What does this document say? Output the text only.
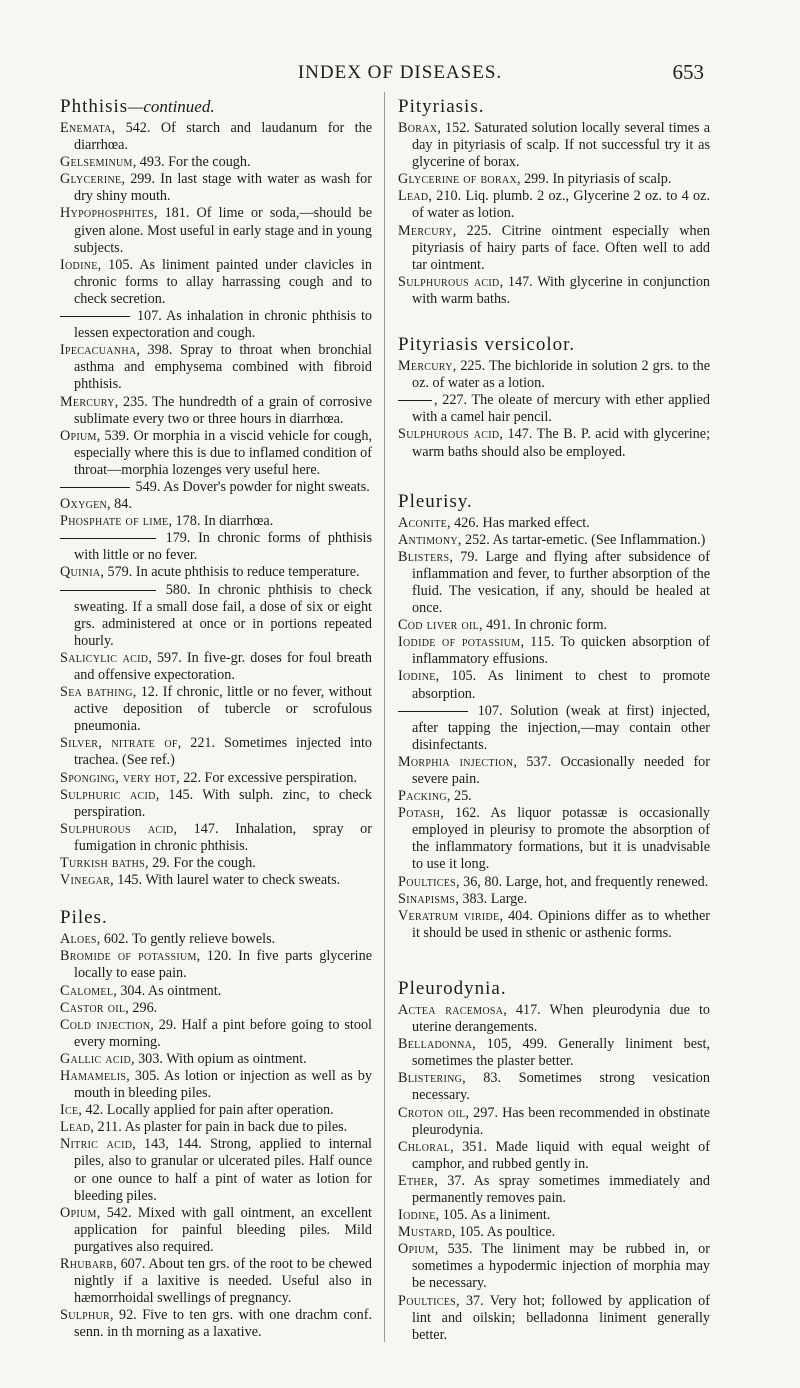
INDEX OF DISEASES.	653
Phthisis—continued.
Enemata, 542. Of starch and laudanum for the diarrhœa.
Gelseminum, 493. For the cough.
Glycerine, 299. In last stage with water as wash for dry shiny mouth.
Hypophosphites, 181. Of lime or soda,—should be given alone. Most useful in early stage and in young subjects.
Iodine, 105. As liniment painted under clavicles in chronic forms to allay harrassing cough and to check secretion.
107. As inhalation in chronic phthisis to lessen expectoration and cough.
Ipecacuanha, 398. Spray to throat when bronchial asthma and emphysema combined with fibroid phthisis.
Mercury, 235. The hundredth of a grain of corrosive sublimate every two or three hours in diarrhœa.
Opium, 539. Or morphia in a viscid vehicle for cough, especially where this is due to inflamed condition of throat—morphia lozenges very useful here.
549. As Dover's powder for night sweats.
Oxygen, 84.
Phosphate of lime, 178. In diarrhœa.
179. In chronic forms of phthisis with little or no fever.
Quinia, 579. In acute phthisis to reduce temperature.
580. In chronic phthisis to check sweating. If a small dose fail, a dose of six or eight grs. administered at once or in portions repeated hourly.
Salicylic acid, 597. In five-gr. doses for foul breath and offensive expectoration.
Sea bathing, 12. If chronic, little or no fever, without active deposition of tubercle or scrofulous pneumonia.
Silver, nitrate of, 221. Sometimes injected into trachea. (See ref.)
Sponging, very hot, 22. For excessive perspiration.
Sulphuric acid, 145. With sulph. zinc, to check perspiration.
Sulphurous acid, 147. Inhalation, spray or fumigation in chronic phthisis.
Turkish baths, 29. For the cough.
Vinegar, 145. With laurel water to check sweats.
Piles.
Aloes, 602. To gently relieve bowels.
Bromide of potassium, 120. In five parts glycerine locally to ease pain.
Calomel, 304. As ointment.
Castor oil, 296.
Cold injection, 29. Half a pint before going to stool every morning.
Gallic acid, 303. With opium as ointment.
Hamamelis, 305. As lotion or injection as well as by mouth in bleeding piles.
Ice, 42. Locally applied for pain after operation.
Lead, 211. As plaster for pain in back due to piles.
Nitric acid, 143, 144. Strong, applied to internal piles, also to granular or ulcerated piles. Half ounce or one ounce to half a pint of water as lotion for bleeding piles.
Opium, 542. Mixed with gall ointment, an excellent application for painful bleeding piles. Mild purgatives also required.
Rhubarb, 607. About ten grs. of the root to be chewed nightly if a laxitive is needed. Useful also in hæmorrhoidal swellings of pregnancy.
Sulphur, 92. Five to ten grs. with one drachm conf. senn. in th morning as a laxative.
Pityriasis.
Borax, 152. Saturated solution locally several times a day in pityriasis of scalp. If not successful try it as glycerine of borax.
Glycerine of borax, 299. In pityriasis of scalp.
Lead, 210. Liq. plumb. 2 oz., Glycerine 2 oz. to 4 oz. of water as lotion.
Mercury, 225. Citrine ointment especially when pityriasis of hairy parts of face. Often well to add tar ointment.
Sulphurous acid, 147. With glycerine in conjunction with warm baths.
Pityriasis versicolor.
Mercury, 225. The bichloride in solution 2 grs. to the oz. of water as a lotion.
, 227. The oleate of mercury with ether applied with a camel hair pencil.
Sulphurous acid, 147. The B. P. acid with glycerine; warm baths should also be employed.
Pleurisy.
Aconite, 426. Has marked effect.
Antimony, 252. As tartar-emetic. (See Inflammation.)
Blisters, 79. Large and flying after subsidence of inflammation and fever, to further absorption of the fluid. The vesication, if any, should be healed at once.
Cod liver oil, 491. In chronic form.
Iodide of potassium, 115. To quicken absorption of inflammatory effusions.
Iodine, 105. As liniment to chest to promote absorption.
107. Solution (weak at first) injected, after tapping the injection,—may contain other disinfectants.
Morphia injection, 537. Occasionally needed for severe pain.
Packing, 25.
Potash, 162. As liquor potassæ is occasionally employed in pleurisy to promote the absorption of the inflammatory formations, but it is unadvisable to use it long.
Poultices, 36, 80. Large, hot, and frequently renewed.
Sinapisms, 383. Large.
Veratrum viride, 404. Opinions differ as to whether it should be used in sthenic or asthenic forms.
Pleurodynia.
Actea racemosa, 417. When pleurodynia due to uterine derangements.
Belladonna, 105, 499. Generally liniment best, sometimes the plaster better.
Blistering, 83. Sometimes strong vesication necessary.
Croton oil, 297. Has been recommended in obstinate pleurodynia.
Chloral, 351. Made liquid with equal weight of camphor, and rubbed gently in.
Ether, 37. As spray sometimes immediately and permanently removes pain.
Iodine, 105. As a liniment.
Mustard, 105. As poultice.
Opium, 535. The liniment may be rubbed in, or sometimes a hypodermic injection of morphia may be necessary.
Poultices, 37. Very hot; followed by application of lint and oilskin; belladonna liniment generally better.
